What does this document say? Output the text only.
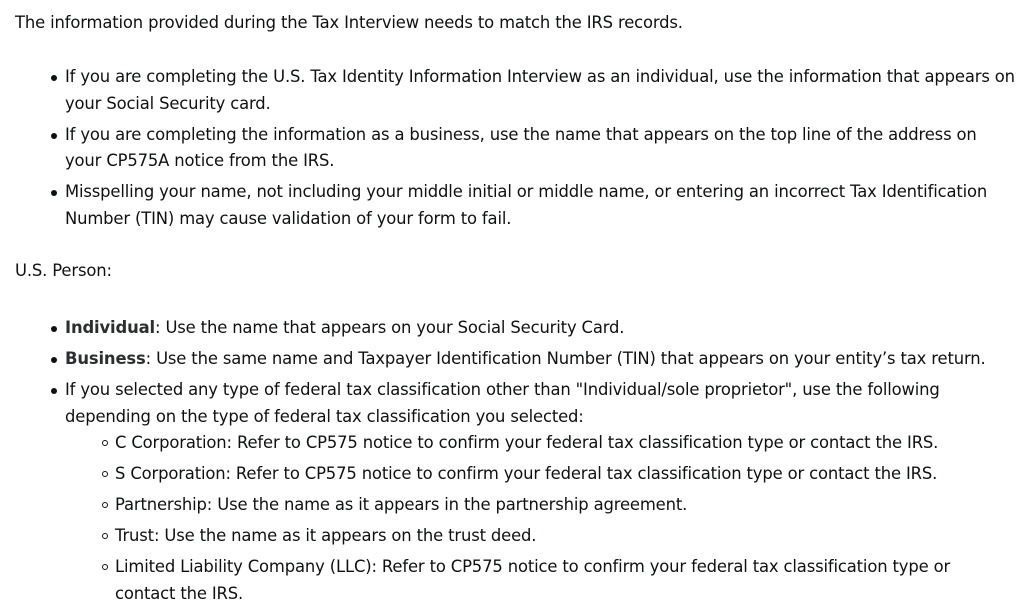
The information provided during the Tax Interview needs to match the IRS records.

If you are completing the U.S. Tax Identity Information Interview as an individual, use the information that appears on your Social Security card.
If you are completing the information as a business, use the name that appears on the top line of the address on your CP575A notice from the IRS.
Misspelling your name, not including your middle initial or middle name, or entering an incorrect Tax Identification Number (TIN) may cause validation of your form to fail.

U.S. Person:

Individual: Use the name that appears on your Social Security Card.
Business: Use the same name and Taxpayer Identification Number (TIN) that appears on your entity’s tax return.
If you selected any type of federal tax classification other than "Individual/sole proprietor", use the following depending on the type of federal tax classification you selected:
C Corporation: Refer to CP575 notice to confirm your federal tax classification type or contact the IRS.
S Corporation: Refer to CP575 notice to confirm your federal tax classification type or contact the IRS.
Partnership: Use the name as it appears in the partnership agreement.
Trust: Use the name as it appears on the trust deed.
Limited Liability Company (LLC): Refer to CP575 notice to confirm your federal tax classification type or contact the IRS.
